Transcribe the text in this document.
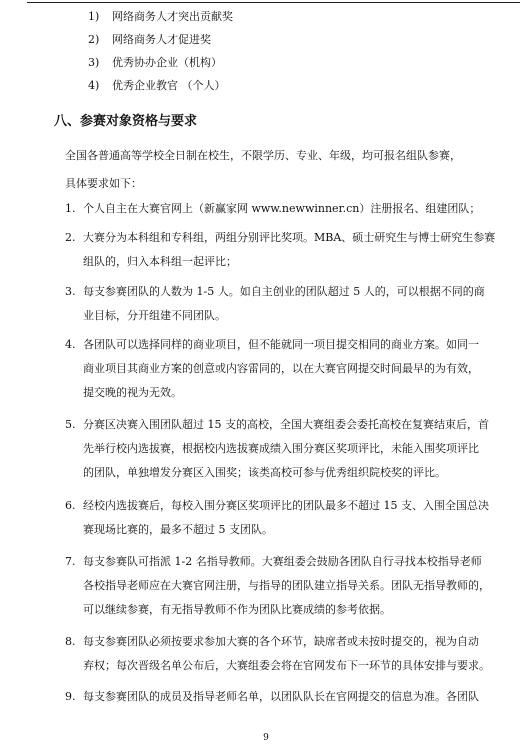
1) 网络商务人才突出贡献奖
2) 网络商务人才促进奖
3) 优秀协办企业（机构）
4) 优秀企业教官 （个人）
八、参赛对象资格与要求
全国各普通高等学校全日制在校生，不限学历、专业、年级，均可报名组队参赛，
具体要求如下：
1. 个人自主在大赛官网上（新赢家网 www.newwinner.cn）注册报名、组建团队；
2. 大赛分为本科组和专科组，两组分别评比奖项。MBA、硕士研究生与博士研究生参赛
组队的，归入本科组一起评比；
3. 每支参赛团队的人数为 1-5 人。如自主创业的团队超过 5 人的，可以根据不同的商
业目标，分开组建不同团队。
4. 各团队可以选择同样的商业项目，但不能就同一项目提交相同的商业方案。如同一
商业项目其商业方案的创意或内容雷同的，以在大赛官网提交时间最早的为有效，
提交晚的视为无效。
5. 分赛区决赛入围团队超过 15 支的高校，全国大赛组委会委托高校在复赛结束后，首
先举行校内选拔赛，根据校内选拔赛成绩入围分赛区奖项评比，未能入围奖项评比
的团队，单独增发分赛区入围奖；该类高校可参与优秀组织院校奖的评比。
6. 经校内选拔赛后，每校入围分赛区奖项评比的团队最多不超过 15 支、入围全国总决
赛现场比赛的，最多不超过 5 支团队。
7. 每支参赛队可指派 1-2 名指导教师。大赛组委会鼓励各团队自行寻找本校指导老师
各校指导老师应在大赛官网注册，与指导的团队建立指导关系。团队无指导教师的，
可以继续参赛，有无指导教师不作为团队比赛成绩的参考依据。
8. 每支参赛团队必须按要求参加大赛的各个环节，缺席者或未按时提交的，视为自动
弃权；每次晋级名单公布后，大赛组委会将在官网发布下一环节的具体安排与要求。
9. 每支参赛团队的成员及指导老师名单，以团队队长在官网提交的信息为准。各团队
9
